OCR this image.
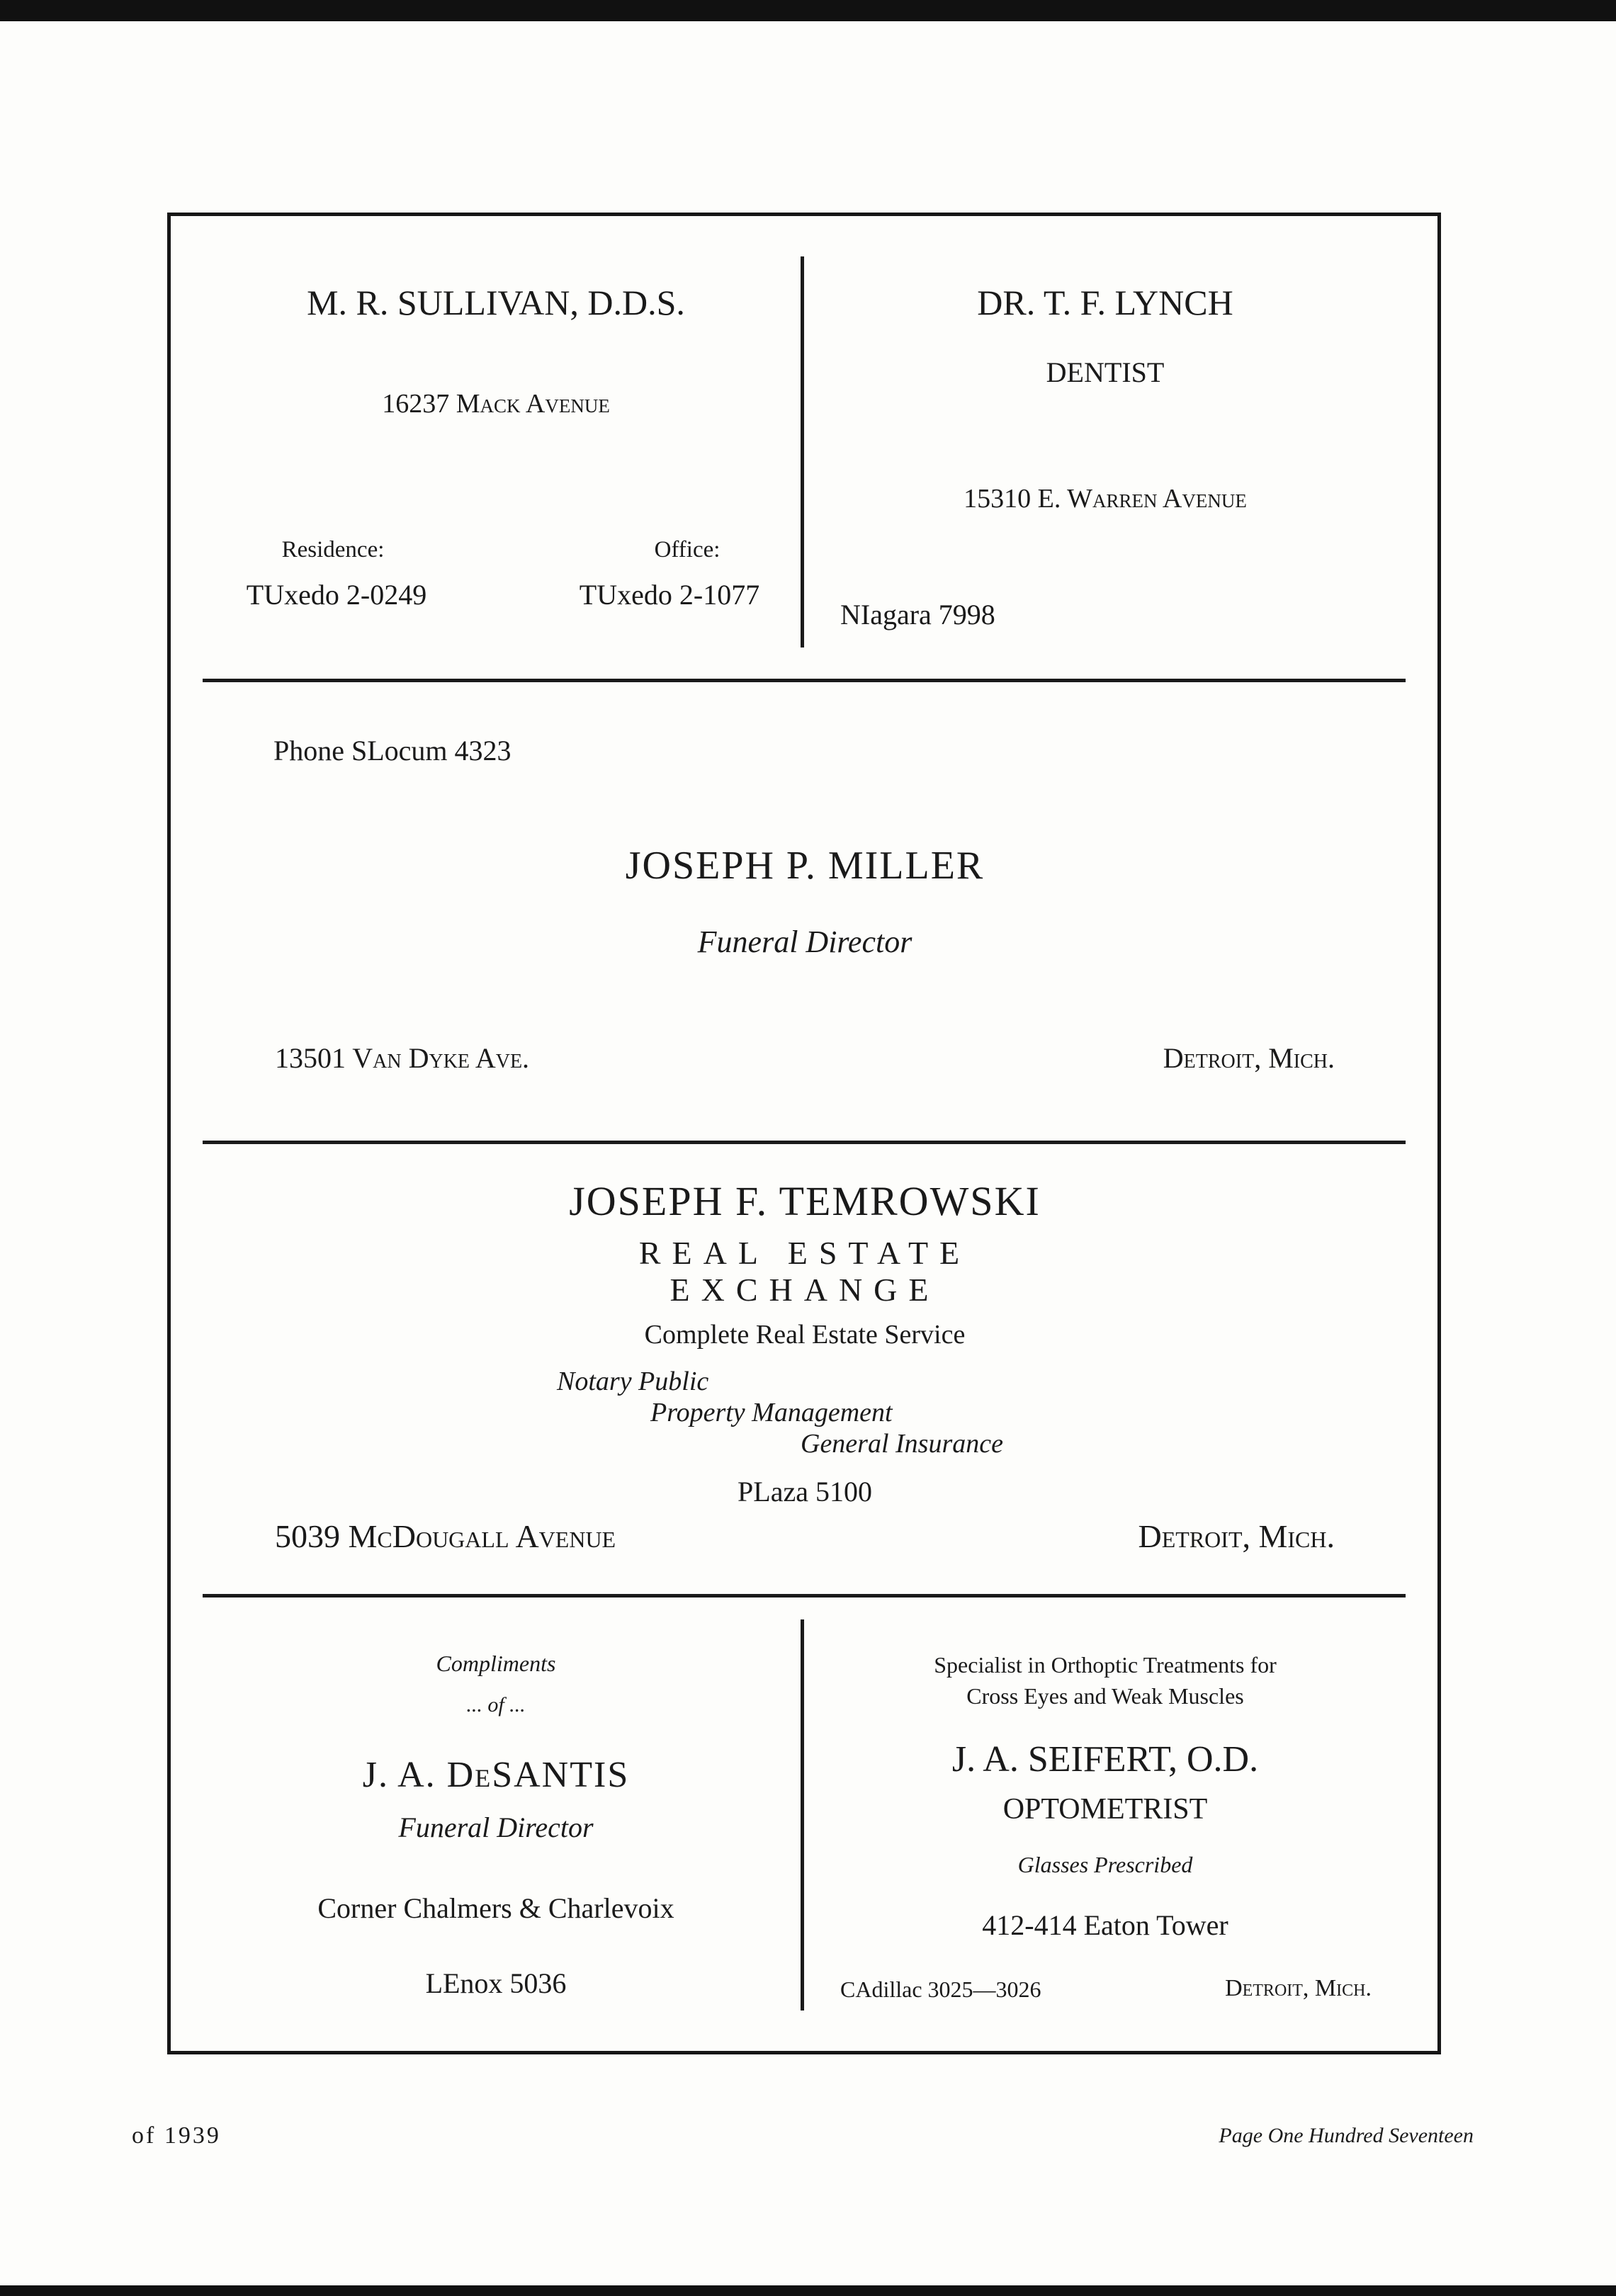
M. R. SULLIVAN, D.D.S.
16237 Mack Avenue
Residence:
TUxedo 2-0249
Office:
TUxedo 2-1077
DR. T. F. LYNCH
DENTIST
15310 E. Warren Avenue
NIagara 7998
Phone SLocum 4323
JOSEPH P. MILLER
Funeral Director
13501 Van Dyke Ave.	Detroit, Mich.
JOSEPH F. TEMROWSKI
REAL ESTATE
EXCHANGE
Complete Real Estate Service
Notary Public
Property Management
General Insurance
PLaza 5100
5039 McDougall Avenue	Detroit, Mich.
Compliments
... of ...
J. A. DeSANTIS
Funeral Director
Corner Chalmers & Charlevoix
LEnox 5036
Specialist in Orthoptic Treatments for
Cross Eyes and Weak Muscles
J. A. SEIFERT, O.D.
OPTOMETRIST
Glasses Prescribed
412-414 Eaton Tower
CAdillac 3025—3026	Detroit, Mich.
of 1939	Page One Hundred Seventeen
